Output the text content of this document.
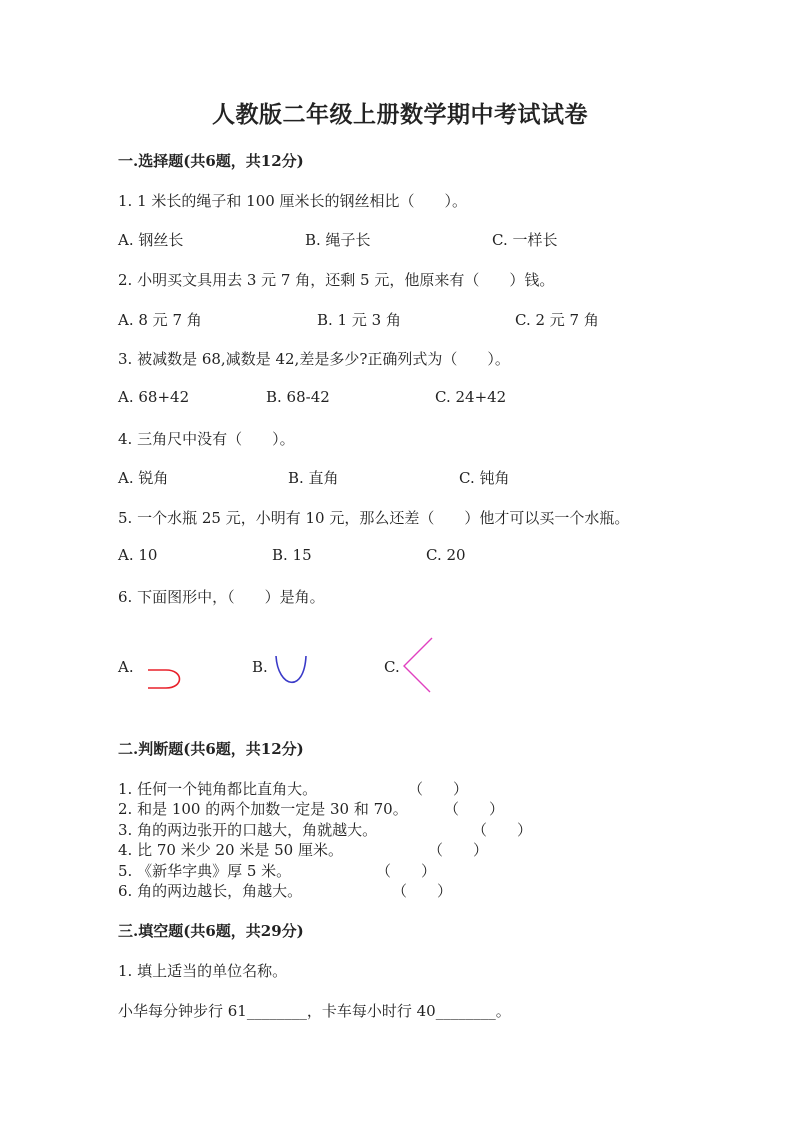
人教版二年级上册数学期中考试试卷
一.选择题(共6题，共12分)
1. 1 米长的绳子和 100 厘米长的钢丝相比（　　）。
A. 钢丝长	B. 绳子长	C. 一样长
2. 小明买文具用去 3 元 7 角，还剩 5 元，他原来有（　　）钱。
A. 8 元 7 角	B. 1 元 3 角	C. 2 元 7 角
3. 被减数是 68,减数是 42,差是多少?正确列式为（　　）。
A. 68+42	B. 68-42	C. 24+42
4. 三角尺中没有（　　）。
A. 锐角	B. 直角	C. 钝角
5. 一个水瓶 25 元，小明有 10 元，那么还差（　　）他才可以买一个水瓶。
A. 10	B. 15	C. 20
6. 下面图形中，（　　）是角。
A.	B.	C.
二.判断题(共6题，共12分)
1. 任何一个钝角都比直角大。	（　　）
2. 和是 100 的两个加数一定是 30 和 70。 （　　）
3. 角的两边张开的口越大，角就越大。	（　　）
4. 比 70 米少 20 米是 50 厘米。	（　　）
5. 《新华字典》厚 5 米。	（　　）
6. 角的两边越长，角越大。	（　　）
三.填空题(共6题，共29分)
1. 填上适当的单位名称。
小华每分钟步行 61________，卡车每小时行 40________。
